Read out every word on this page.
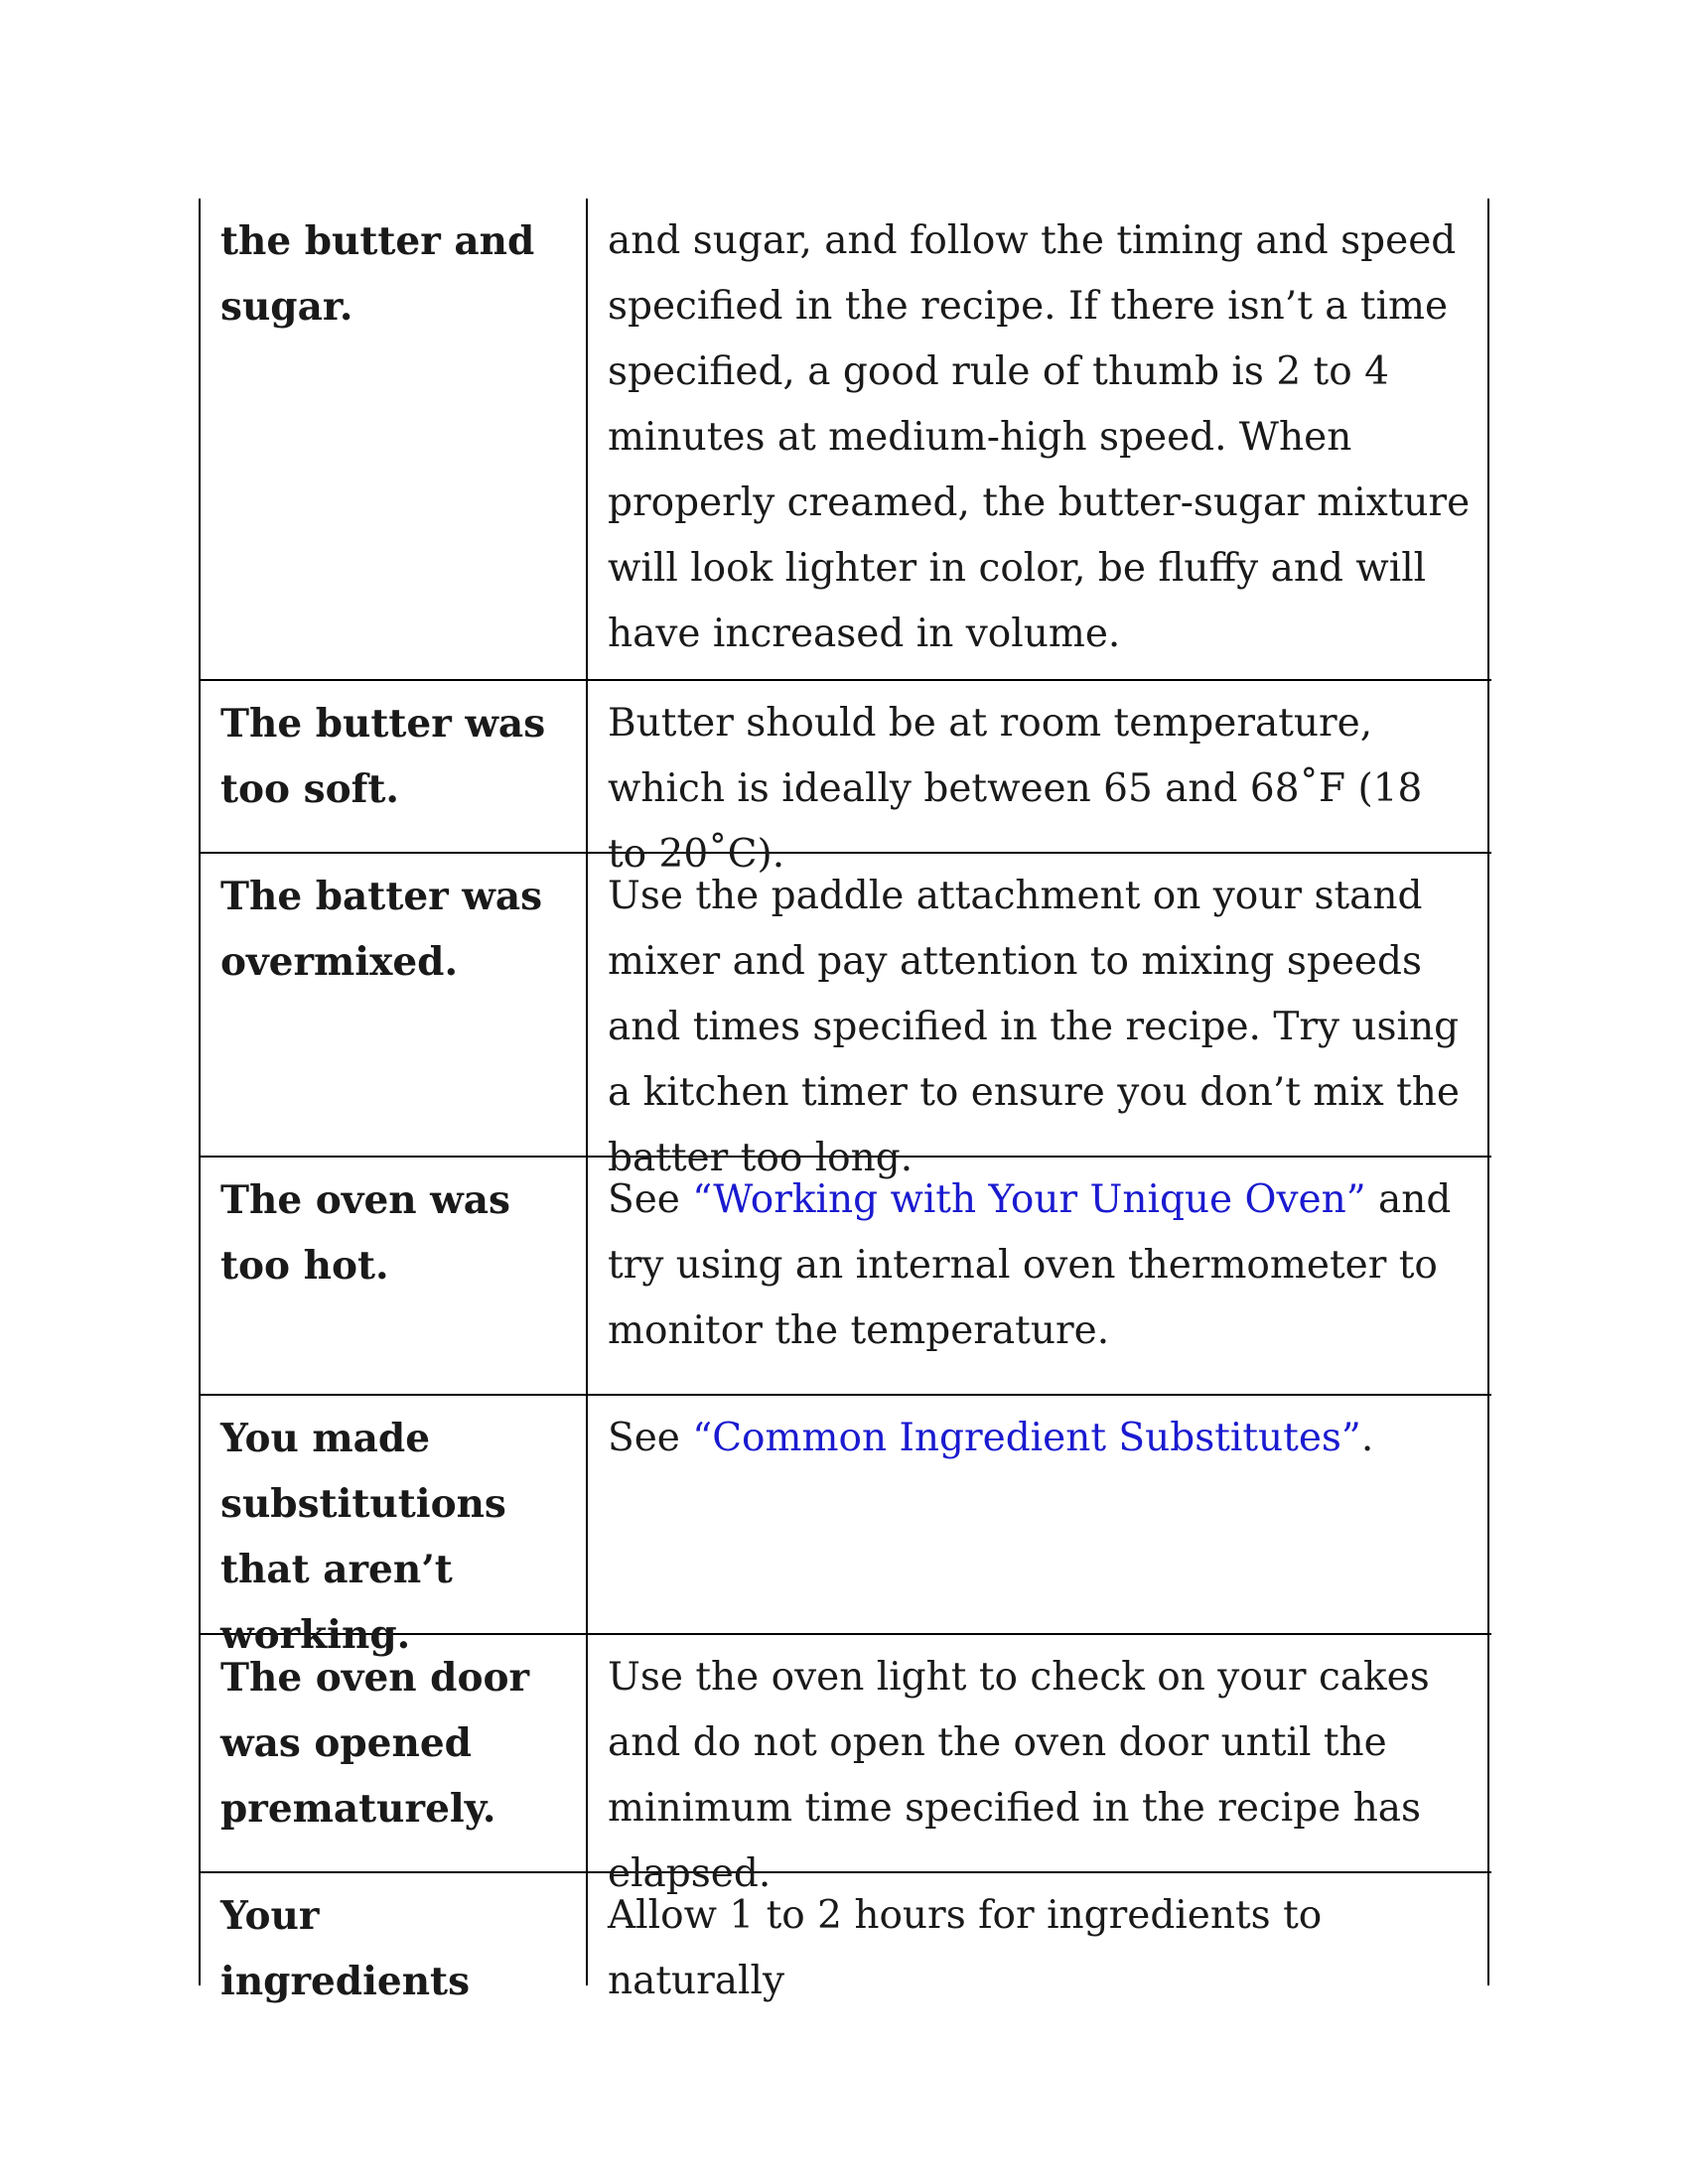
the butter and sugar.
and sugar, and follow the timing and speed specified in the recipe. If there isn’t a time specified, a good rule of thumb is 2 to 4 minutes at medium-high speed. When properly creamed, the butter-sugar mixture will look lighter in color, be fluffy and will have increased in volume.
The butter was too soft.
Butter should be at room temperature, which is ideally between 65 and 68˚F (18 to 20˚C).
The batter was overmixed.
Use the paddle attachment on your stand mixer and pay attention to mixing speeds and times specified in the recipe. Try using a kitchen timer to ensure you don’t mix the batter too long.
The oven was too hot.
See “Working with Your Unique Oven” and try using an internal oven thermometer to monitor the temperature.
You made substitutions that aren’t working.
See “Common Ingredient Substitutes”.
The oven door was opened prematurely.
Use the oven light to check on your cakes and do not open the oven door until the minimum time specified in the recipe has elapsed.
Your ingredients
Allow 1 to 2 hours for ingredients to naturally
